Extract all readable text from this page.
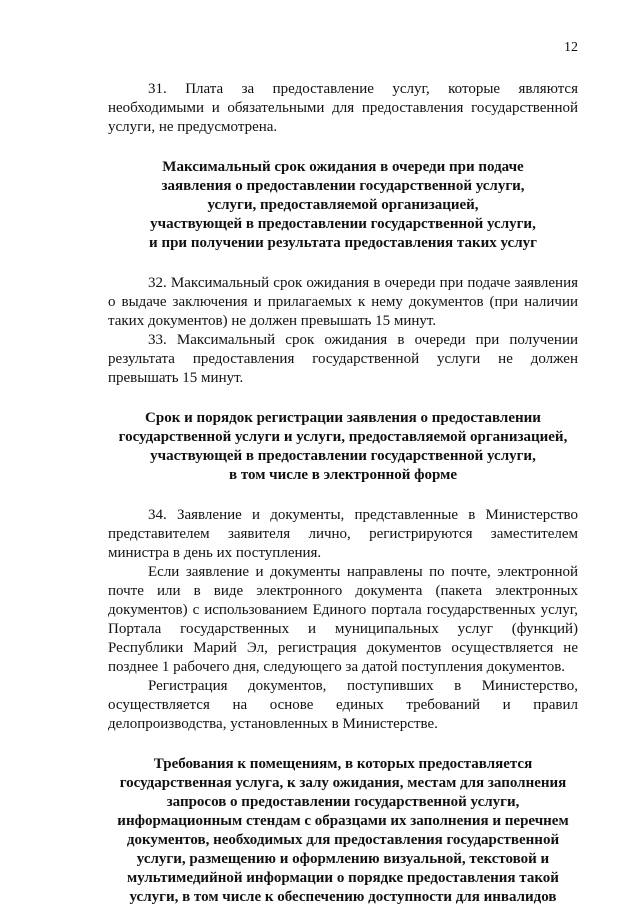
12

31. Плата за предоставление услуг, которые являются необходимыми и обязательными для предоставления государственной услуги, не предусмотрена.

Максимальный срок ожидания в очереди при подаче
заявления о предоставлении государственной услуги,
услуги, предоставляемой организацией,
участвующей в предоставлении государственной услуги,
и при получении результата предоставления таких услуг

32. Максимальный срок ожидания в очереди при подаче заявления о выдаче заключения и прилагаемых к нему документов (при наличии таких документов) не должен превышать 15 минут.

33. Максимальный срок ожидания в очереди при получении результата предоставления государственной услуги не должен превышать 15 минут.

Срок и порядок регистрации заявления о предоставлении
государственной услуги и услуги, предоставляемой организацией,
участвующей в предоставлении государственной услуги,
в том числе в электронной форме

34. Заявление и документы, представленные в Министерство представителем заявителя лично, регистрируются заместителем министра в день их поступления.

Если заявление и документы направлены по почте, электронной почте или в виде электронного документа (пакета электронных документов) с использованием Единого портала государственных услуг, Портала государственных и муниципальных услуг (функций) Республики Марий Эл, регистрация документов осуществляется не позднее 1 рабочего дня, следующего за датой поступления документов.

Регистрация документов, поступивших в Министерство, осуществляется на основе единых требований и правил делопроизводства, установленных в Министерстве.

Требования к помещениям, в которых предоставляется
государственная услуга, к залу ожидания, местам для заполнения
запросов о предоставлении государственной услуги,
информационным стендам с образцами их заполнения и перечнем
документов, необходимых для предоставления государственной
услуги, размещению и оформлению визуальной, текстовой и
мультимедийной информации о порядке предоставления такой
услуги, в том числе к обеспечению доступности для инвалидов
